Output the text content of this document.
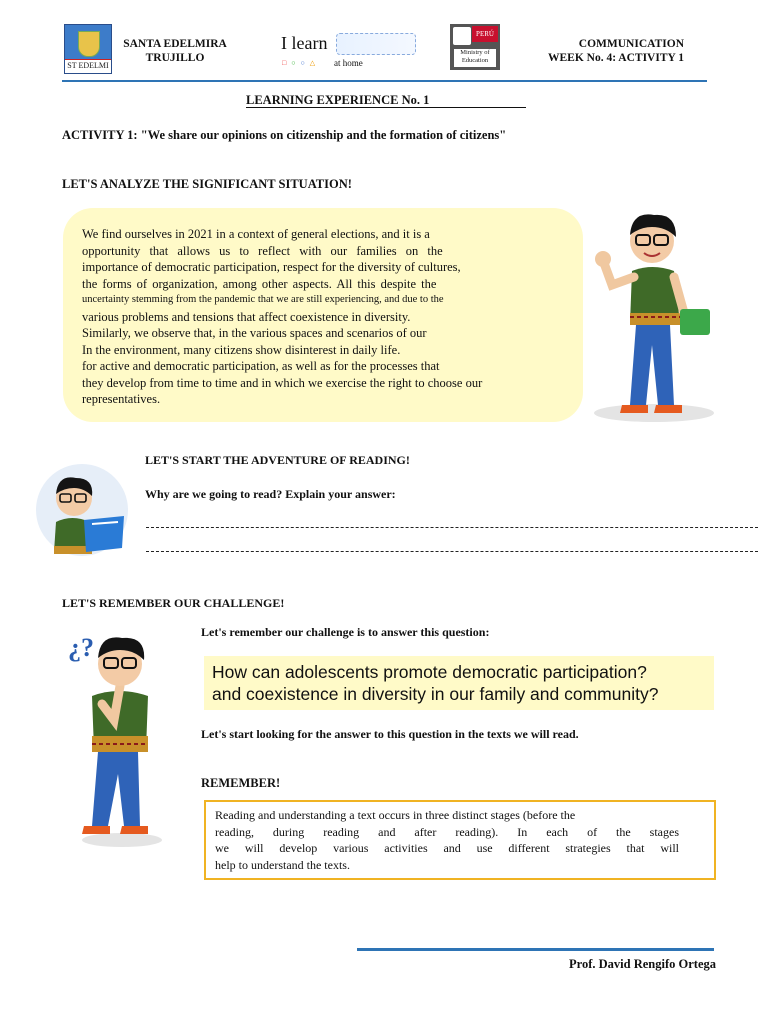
ST EDELMI
SANTA EDELMIRA
TRUJILLO
I learn
□○○△ at home
PERÚ
Ministry of Education
COMMUNICATION
WEEK No. 4: ACTIVITY 1
LEARNING EXPERIENCE No. 1
ACTIVITY 1: "We share our opinions on citizenship and the formation of citizens"
LET'S ANALYZE THE SIGNIFICANT SITUATION!
We find ourselves in 2021 in a context of general elections, and it is a
opportunity that allows us to reflect with our families on the
importance of democratic participation, respect for the diversity of cultures,
the forms of organization, among other aspects. All this despite the
uncertainty stemming from the pandemic that we are still experiencing, and due to the
various problems and tensions that affect coexistence in diversity.
Similarly, we observe that, in the various spaces and scenarios of our
In the environment, many citizens show disinterest in daily life.
for active and democratic participation, as well as for the processes that
they develop from time to time and in which we exercise the right to choose our
representatives.
LET'S START THE ADVENTURE OF READING!
Why are we going to read? Explain your answer:
LET'S REMEMBER OUR CHALLENGE!
¿?
Let's remember our challenge is to answer this question:
How can adolescents promote democratic participation?
and coexistence in diversity in our family and community?
Let's start looking for the answer to this question in the texts we will read.
REMEMBER!
Reading and understanding a text occurs in three distinct stages (before the
reading, during reading and after reading). In each of the stages
we will develop various activities and use different strategies that will
help to understand the texts.
Prof. David Rengifo Ortega
